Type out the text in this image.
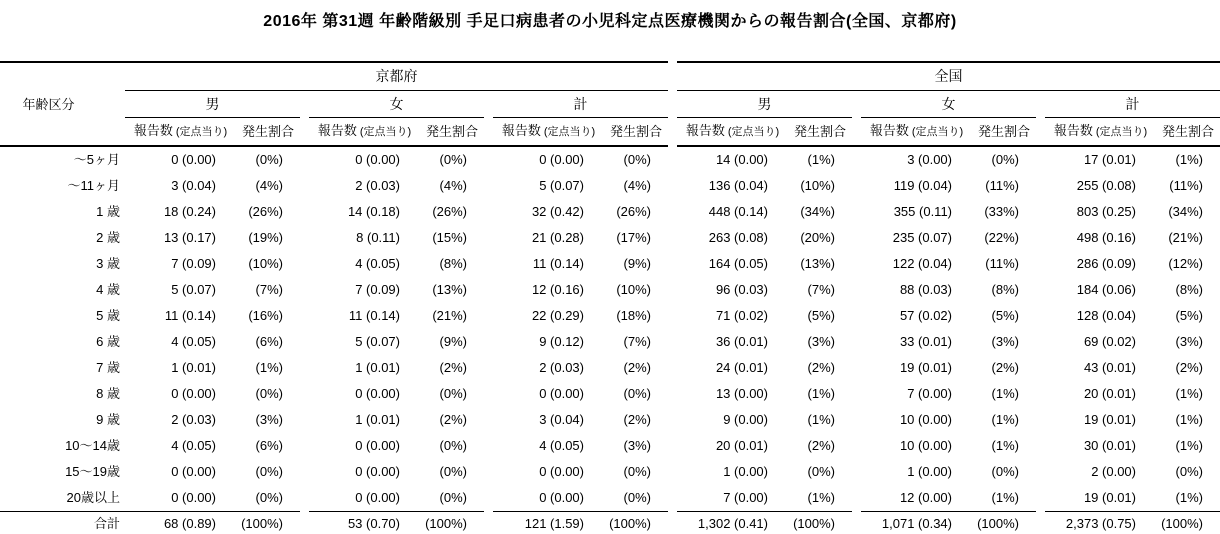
2016年 第31週 年齢階級別 手足口病患者の小児科定点医療機関からの報告割合(全国、京都府)
年齢区分	京都府									全国							
	男			女			計			男			女			計	
	報告数 (定点当り)	発生割合		報告数 (定点当り)	発生割合		報告数 (定点当り)	発生割合		報告数 (定点当り)	発生割合		報告数 (定点当り)	発生割合		報告数 (定点当り)	発生割合
～5ヶ月	0 (0.00)	(0%)		0 (0.00)	(0%)		0 (0.00)	(0%)		14 (0.00)	(1%)		3 (0.00)	(0%)		17 (0.01)	(1%)
～11ヶ月	3 (0.04)	(4%)		2 (0.03)	(4%)		5 (0.07)	(4%)		136 (0.04)	(10%)		119 (0.04)	(11%)		255 (0.08)	(11%)
1 歳	18 (0.24)	(26%)		14 (0.18)	(26%)		32 (0.42)	(26%)		448 (0.14)	(34%)		355 (0.11)	(33%)		803 (0.25)	(34%)
2 歳	13 (0.17)	(19%)		8 (0.11)	(15%)		21 (0.28)	(17%)		263 (0.08)	(20%)		235 (0.07)	(22%)		498 (0.16)	(21%)
3 歳	7 (0.09)	(10%)		4 (0.05)	(8%)		11 (0.14)	(9%)		164 (0.05)	(13%)		122 (0.04)	(11%)		286 (0.09)	(12%)
4 歳	5 (0.07)	(7%)		7 (0.09)	(13%)		12 (0.16)	(10%)		96 (0.03)	(7%)		88 (0.03)	(8%)		184 (0.06)	(8%)
5 歳	11 (0.14)	(16%)		11 (0.14)	(21%)		22 (0.29)	(18%)		71 (0.02)	(5%)		57 (0.02)	(5%)		128 (0.04)	(5%)
6 歳	4 (0.05)	(6%)		5 (0.07)	(9%)		9 (0.12)	(7%)		36 (0.01)	(3%)		33 (0.01)	(3%)		69 (0.02)	(3%)
7 歳	1 (0.01)	(1%)		1 (0.01)	(2%)		2 (0.03)	(2%)		24 (0.01)	(2%)		19 (0.01)	(2%)		43 (0.01)	(2%)
8 歳	0 (0.00)	(0%)		0 (0.00)	(0%)		0 (0.00)	(0%)		13 (0.00)	(1%)		7 (0.00)	(1%)		20 (0.01)	(1%)
9 歳	2 (0.03)	(3%)		1 (0.01)	(2%)		3 (0.04)	(2%)		9 (0.00)	(1%)		10 (0.00)	(1%)		19 (0.01)	(1%)
10～14歳	4 (0.05)	(6%)		0 (0.00)	(0%)		4 (0.05)	(3%)		20 (0.01)	(2%)		10 (0.00)	(1%)		30 (0.01)	(1%)
15～19歳	0 (0.00)	(0%)		0 (0.00)	(0%)		0 (0.00)	(0%)		1 (0.00)	(0%)		1 (0.00)	(0%)		2 (0.00)	(0%)
20歳以上	0 (0.00)	(0%)		0 (0.00)	(0%)		0 (0.00)	(0%)		7 (0.00)	(1%)		12 (0.00)	(1%)		19 (0.01)	(1%)
合計	68 (0.89)	(100%)		53 (0.70)	(100%)		121 (1.59)	(100%)		1,302 (0.41)	(100%)		1,071 (0.34)	(100%)		2,373 (0.75)	(100%)
